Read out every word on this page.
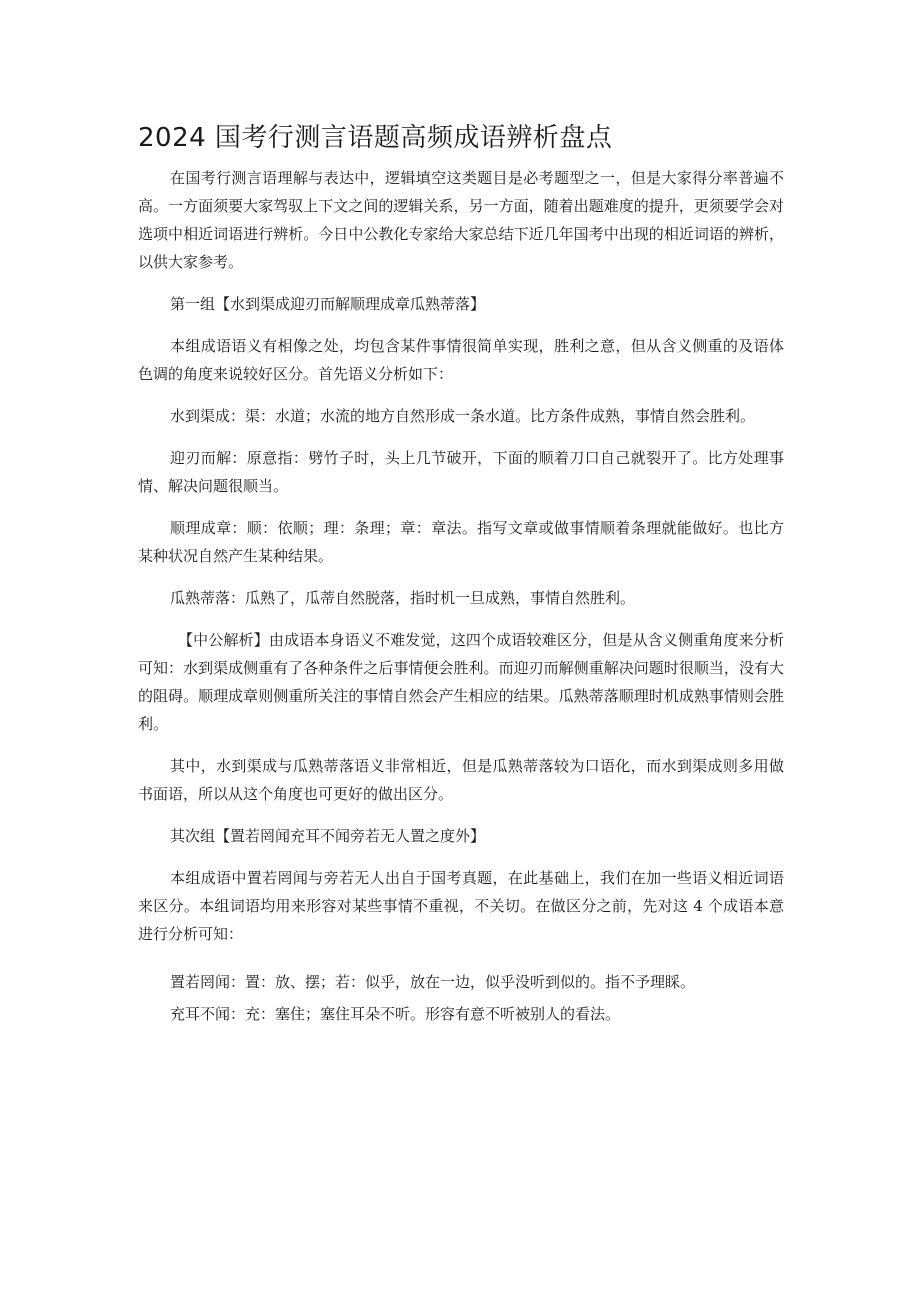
2024 国考行测言语题高频成语辨析盘点

在国考行测言语理解与表达中，逻辑填空这类题目是必考题型之一，但是大家得分率普遍不高。一方面须要大家驾驭上下文之间的逻辑关系，另一方面，随着出题难度的提升，更须要学会对选项中相近词语进行辨析。今日中公教化专家给大家总结下近几年国考中出现的相近词语的辨析，以供大家参考。

第一组【水到渠成迎刃而解顺理成章瓜熟蒂落】

本组成语语义有相像之处，均包含某件事情很简单实现，胜利之意，但从含义侧重的及语体色调的角度来说较好区分。首先语义分析如下：

水到渠成：渠：水道；水流的地方自然形成一条水道。比方条件成熟，事情自然会胜利。

迎刃而解：原意指：劈竹子时，头上几节破开，下面的顺着刀口自己就裂开了。比方处理事情、解决问题很顺当。

顺理成章：顺：依顺；理：条理；章：章法。指写文章或做事情顺着条理就能做好。也比方某种状况自然产生某种结果。

瓜熟蒂落：瓜熟了，瓜蒂自然脱落，指时机一旦成熟，事情自然胜利。

【中公解析】由成语本身语义不难发觉，这四个成语较难区分，但是从含义侧重角度来分析可知：水到渠成侧重有了各种条件之后事情便会胜利。而迎刃而解侧重解决问题时很顺当，没有大的阻碍。顺理成章则侧重所关注的事情自然会产生相应的结果。瓜熟蒂落顺理时机成熟事情则会胜利。

其中，水到渠成与瓜熟蒂落语义非常相近，但是瓜熟蒂落较为口语化，而水到渠成则多用做书面语，所以从这个角度也可更好的做出区分。

其次组【置若罔闻充耳不闻旁若无人置之度外】

本组成语中置若罔闻与旁若无人出自于国考真题，在此基础上，我们在加一些语义相近词语来区分。本组词语均用来形容对某些事情不重视，不关切。在做区分之前，先对这 4 个成语本意进行分析可知：

置若罔闻：置：放、摆；若：似乎，放在一边，似乎没听到似的。指不予理睬。

充耳不闻：充：塞住；塞住耳朵不听。形容有意不听被别人的看法。
